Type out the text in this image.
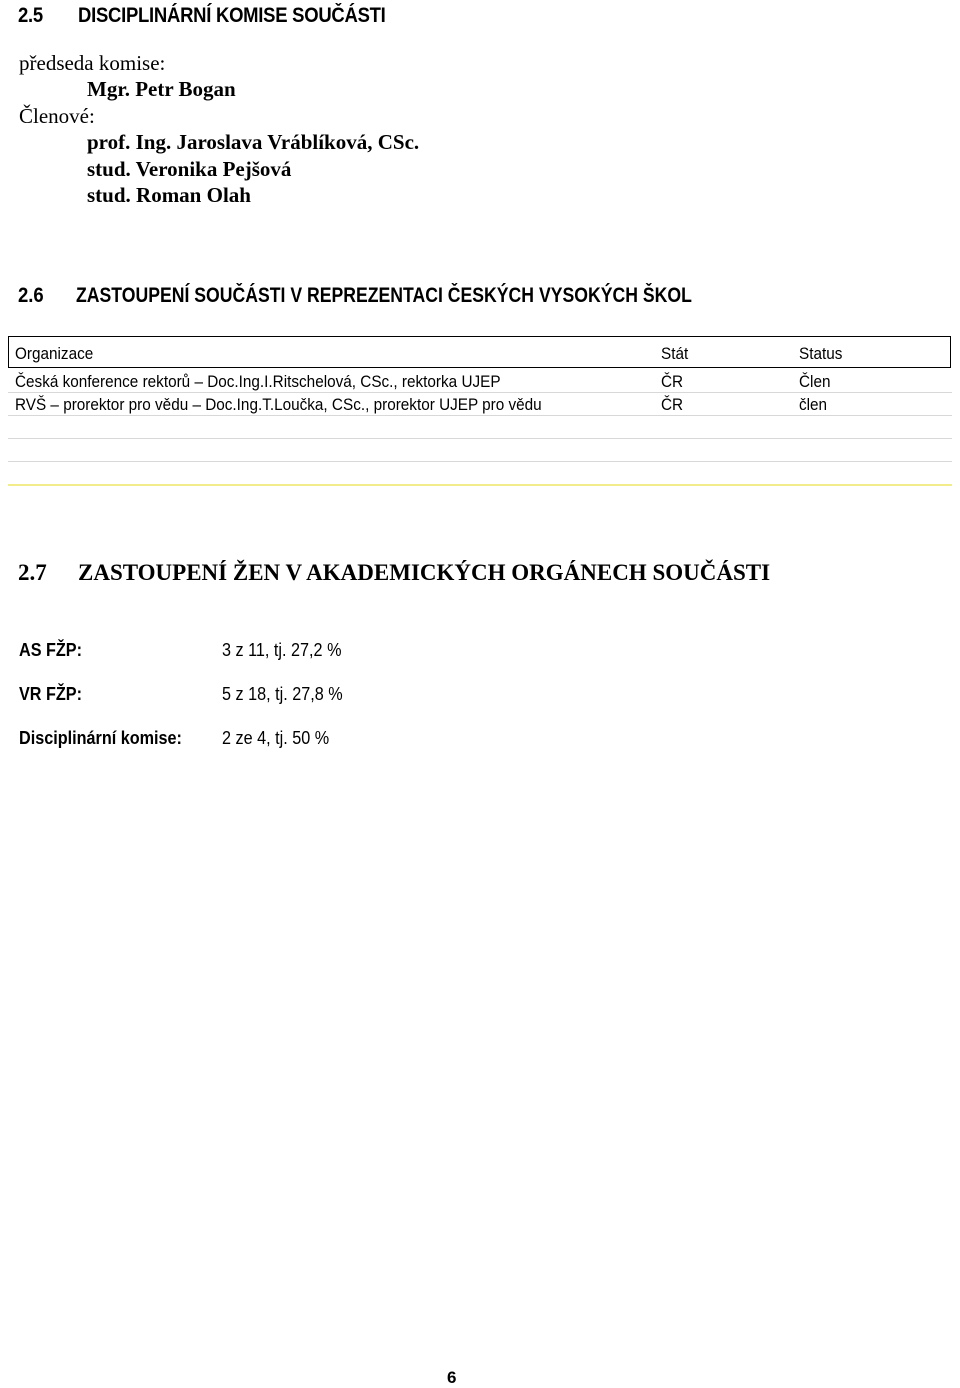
2.5 DISCIPLINÁRNÍ KOMISE SOUČÁSTI
předseda komise:
Mgr. Petr Bogan
Členové:
prof. Ing. Jaroslava Vráblíková, CSc.
stud. Veronika Pejšová
stud. Roman Olah
2.6 ZASTOUPENÍ SOUČÁSTI V REPREZENTACI ČESKÝCH VYSOKÝCH ŠKOL
Organizace	Stát	Status
Česká konference rektorů – Doc.Ing.I.Ritschelová, CSc., rektorka UJEP	ČR	Člen
RVŠ – prorektor pro vědu – Doc.Ing.T.Loučka, CSc., prorektor UJEP pro vědu	ČR	člen
2.7 ZASTOUPENÍ ŽEN V AKADEMICKÝCH ORGÁNECH SOUČÁSTI
AS FŽP:	3 z 11, tj. 27,2 %
VR FŽP:	5 z 18, tj. 27,8 %
Disciplinární komise: 2 ze 4, tj. 50 %
6
